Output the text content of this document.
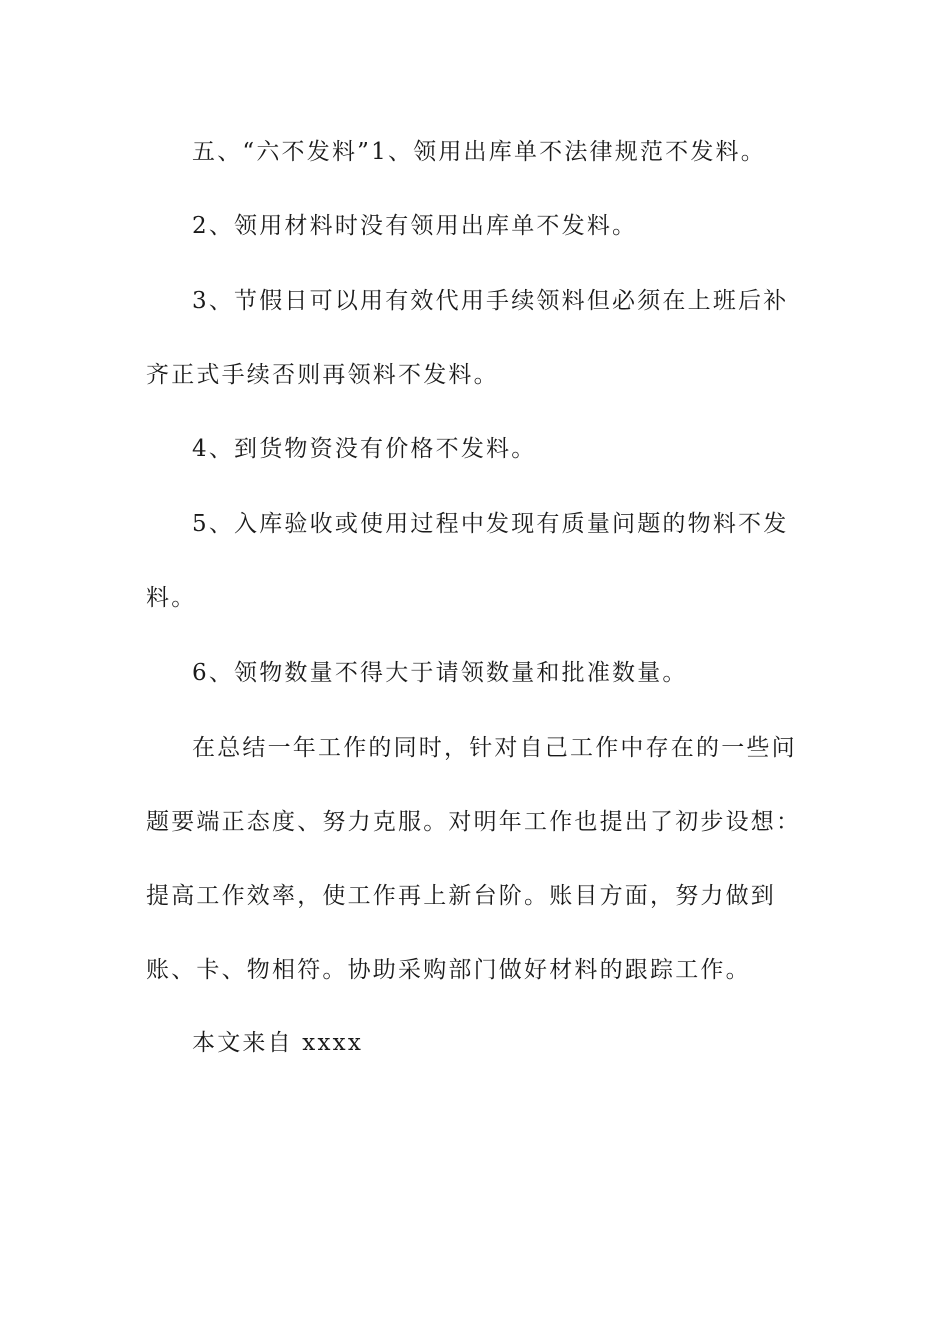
五、“六不发料”1、领用出库单不法律规范不发料。

2、领用材料时没有领用出库单不发料。

3、节假日可以用有效代用手续领料但必须在上班后补齐正式手续否则再领料不发料。

4、到货物资没有价格不发料。

5、入库验收或使用过程中发现有质量问题的物料不发料。

6、领物数量不得大于请领数量和批准数量。

在总结一年工作的同时，针对自己工作中存在的一些问题要端正态度、努力克服。对明年工作也提出了初步设想：提高工作效率，使工作再上新台阶。账目方面，努力做到账、卡、物相符。协助采购部门做好材料的跟踪工作。

本文来自 xxxx
